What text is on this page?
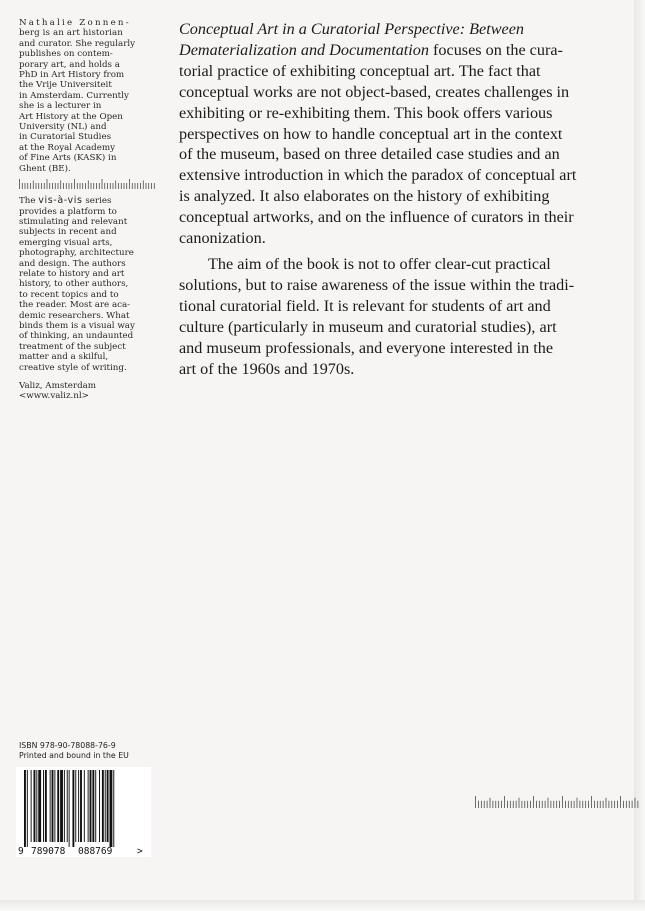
Nathalie Zonnen-
berg is an art historian
and curator. She regularly
publishes on contem-
porary art, and holds a
PhD in Art History from
the Vrije Universiteit
in Amsterdam. Currently
she is a lecturer in
Art History at the Open
University (NL) and
in Curatorial Studies
at the Royal Academy
of Fine Arts (KASK) in
Ghent (BE).
The vis-à-vis series
provides a platform to
stimulating and relevant
subjects in recent and
emerging visual arts,
photography, architecture
and design. The authors
relate to history and art
history, to other authors,
to recent topics and to
the reader. Most are aca-
demic researchers. What
binds them is a visual way
of thinking, an undaunted
treatment of the subject
matter and a skilful,
creative style of writing.
Valiz, Amsterdam
<www.valiz.nl>

Conceptual Art in a Curatorial Perspective: Between
Dematerialization and Documentation focuses on the cura-
torial practice of exhibiting conceptual art. The fact that
conceptual works are not object-based, creates challenges in
exhibiting or re-exhibiting them. This book offers various
perspectives on how to handle conceptual art in the context
of the museum, based on three detailed case studies and an
extensive introduction in which the paradox of conceptual art
is analyzed. It also elaborates on the history of exhibiting
conceptual artworks, and on the influence of curators in their
canonization.

The aim of the book is not to offer clear-cut practical
solutions, but to raise awareness of the issue within the tradi-
tional curatorial field. It is relevant for students of art and
culture (particularly in museum and curatorial studies), art
and museum professionals, and everyone interested in the
art of the 1960s and 1970s.

ISBN 978-90-78088-76-9
Printed and bound in the EU
9 789078 088769	>
